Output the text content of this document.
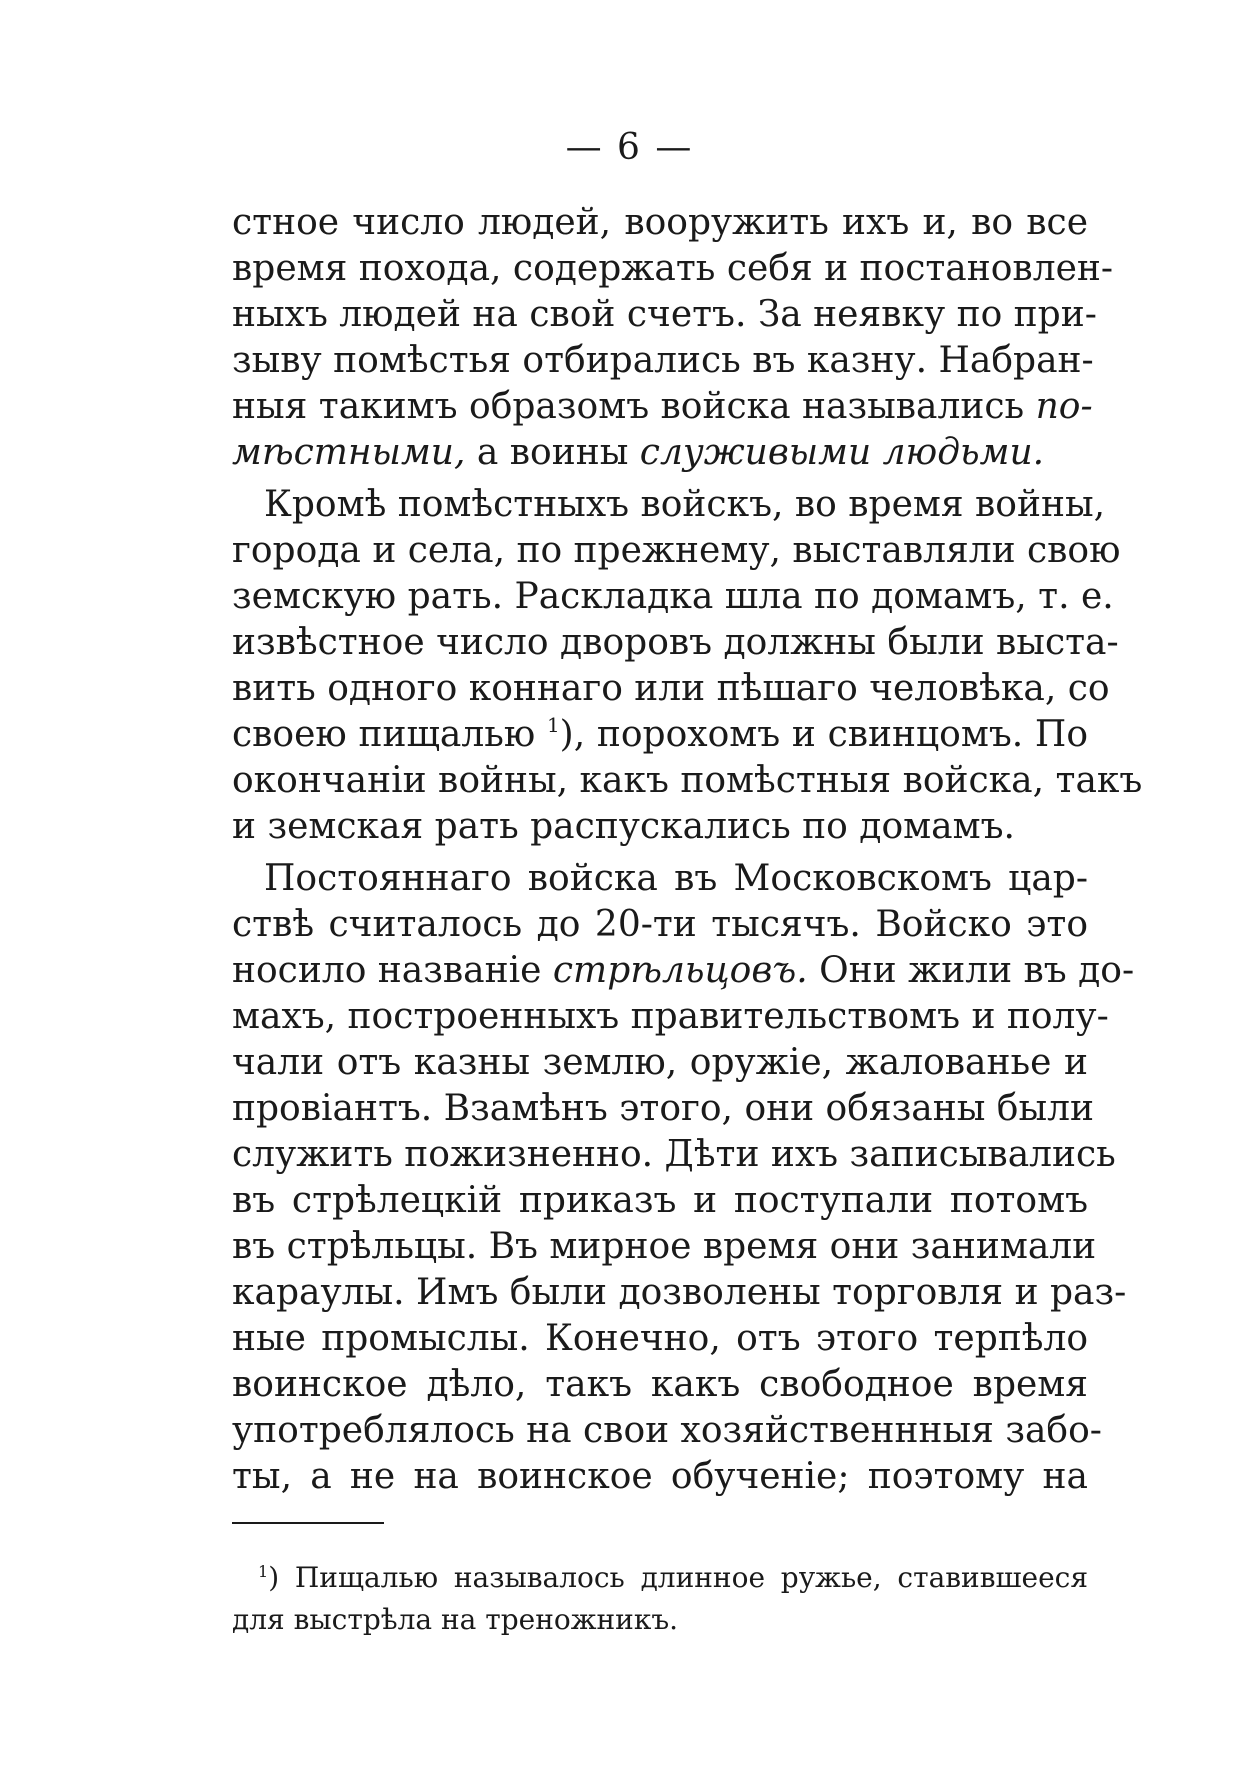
— 6 —
стное число людей, вооружить ихъ и, во все
время похода, содержать себя и постановлен-
ныхъ людей на свой счетъ. За неявку по при-
зыву помѣстья отбирались въ казну. Набран-
ныя такимъ образомъ войска назывались по-
мѣстными, а воины служивыми людьми.
Кромѣ помѣстныхъ войскъ, во время войны,
города и села, по прежнему, выставляли свою
земскую рать. Раскладка шла по домамъ, т. е.
извѣстное число дворовъ должны были выста-
вить одного коннаго или пѣшаго человѣка, со
своею пищалью $^1$), порохомъ и свинцомъ. По
окончанiи войны, какъ помѣстныя войска, такъ
и земская рать распускались по домамъ.
Постояннаго войска въ Московскомъ цар-
ствѣ считалось до 20-ти тысячъ. Войско это
носило названiе стрѣльцовъ. Они жили въ до-
махъ, построенныхъ правительствомъ и полу-
чали отъ казны землю, оружiе, жалованье и
провiантъ. Взамѣнъ этого, они обязаны были
служить пожизненно. Дѣти ихъ записывались
въ стрѣлецкiй приказъ и поступали потомъ
въ стрѣльцы. Въ мирное время они занимали
караулы. Имъ были дозволены торговля и раз-
ные промыслы. Конечно, отъ этого терпѣло
воинское дѣло, такъ какъ свободное время
употреблялось на свои хозяйственнныя забо-
ты, а не на воинское обученiе; поэтому на
$^1$) Пищалью называлось длинное ружье, ставившееся
для выстрѣла на треножникъ.
